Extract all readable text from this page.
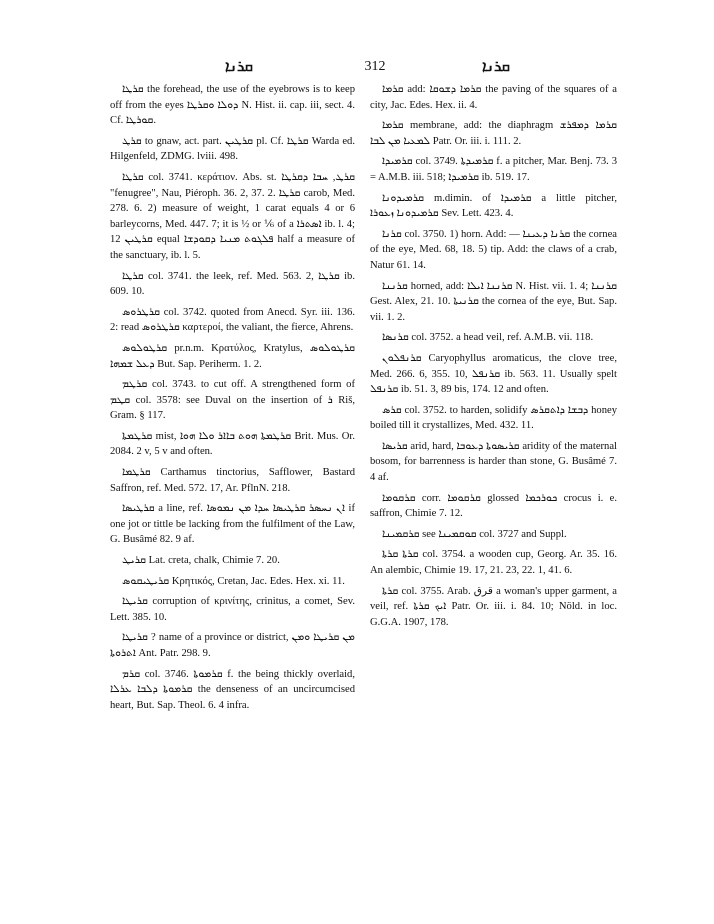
ܩܪܢܐ	312	ܩܪܢܐ

ܩܪܛܐ the forehead, the use of the eyebrows is to keep off from the eyes ܕܘܠܐ ܘܩܪܛܐ N. Hist. ii. cap. iii, sect. 4. Cf. ܩܘܪܛܐ.

ܩܪܛ to gnaw, act. part. ܩܪܛܝܢ pl. Cf. ܩܪܛܐ Warda ed. Hilgenfeld, ZDMG. lviii. 498.

ܩܪܛܐ col. 3741. κεράτιον. Abs. st. ܩܪܛ, ܚܒܐ ܕܩܪܛܐ "fenugree", Nau, Piéroph. 36. 2, 37. 2. ܩܪܛܐ carob, Med. 278. 6. 2) measure of weight, 1 carat equals 4 or 6 barleycorns, Med. 447. 7; it is ½ or ⅙ of a ܐܣܬܪܐ ib. l. 4; 12 ܩܪܛܝܢ equal ܦܠܓܘܬ ܡܢܝܐ ܕܩܘܕܫܐ half a measure of the sanctuary, ib. l. 5.

ܩܪܛܐ col. 3741. the leek, ref. Med. 563. 2, ܩܪܛܐ ib. 609. 10.

ܩܪܛܪܘܣ col. 3742. quoted from Anecd. Syr. iii. 136. 2: read ܩܪܛܪܘܣ καρτεροί, the valiant, the fierce, Ahrens.

ܩܪܛܘܠܘܣ pr.n.m. Κρατύλος, Kratylus, ܩܪܛܘܠܘܣ ܕܥܠ ܫܡܗܐ But. Sap. Periherm. 1. 2.

ܩܪܛܡ col. 3743. to cut off. A strengthened form of ܩܛܡ col. 3578: see Duval on the insertion of ܪ Riš, Gram. § 117.

ܩܪܛܡܬܐ mist, ܩܪܛܡܬܐ ܗܘܬ ܒܐܐܪ ܘܠܐ ܗܘܐ Brit. Mus. Or. 2084. 2 v, 5 v and often.

ܩܪܛܡܐ Carthamus tinctorius, Safflower, Bastard Saffron, ref. Med. 572. 17, Ar. PflnN. 218.

ܩܪܛܝܣܐ a line, ref. ܐܢ ܢܚܣܪ ܩܪܛܝܣܐ ܚܕܐ ܡܢ ܢܡܘܣܐ if one jot or tittle be lacking from the fulfilment of the Law, G. Busâmé 82. 9 af.

ܩܪܝܛ Lat. creta, chalk, Chimie 7. 20.

ܩܪܝܛܝܩܘܣ Κρητικός, Cretan, Jac. Edes. Hex. xi. 11.

ܩܪܝܛܐ corruption of κρινίτης, crinitus, a comet, Sev. Lett. 385. 10.

ܩܪܝܛܐ ? name of a province or district, ܡܢ ܩܪܝܛܐ ܘܡܢ ܐܬܪܘܬܐ Ant. Patr. 298. 9.

ܩܪܡ col. 3746. ܩܪܡܘܬܐ f. the being thickly overlaid, ܩܪܡܘܬܐ ܕܠܒܐ ܥܪܠܐ the denseness of an uncircumcised heart, But. Sap. Theol. 6. 4 infra.

ܩܪܡܐ add: ܩܪܡܐ ܕܫܘܩܐ the paving of the squares of a city, Jac. Edes. Hex. ii. 4.

ܩܪܡܐ membrane, add: the diaphragm ܩܪܡܐ ܕܡܦܪܫ ܠܡܥܝܐ ܡܢ ܠܒܐ Patr. Or. iii. i. 111. 2.

ܩܪܡܝܕܐ col. 3749. ܩܪܡܝܕܬܐ f. a pitcher, Mar. Benj. 73. 3 = A.M.B. iii. 518; ܩܪܡܝܕܐ ib. 519. 17.

ܩܪܡܝܕܘܢܐ m.dimin. of ܩܪܡܝܕܐ a little pitcher, ܩܪܡܝܕܘܢܐ ܙܥܘܪܐ Sev. Lett. 423. 4.

ܩܪܢܐ col. 3750. 1) horn. Add: — ܩܪܢܐ ܕܥܝܢܐ the cornea of the eye, Med. 68, 18. 5) tip. Add: the claws of a crab, Natur 61. 14.

ܩܪܢܢܐ horned, add: ܩܪܢܢܐ ܐܝܠܐ N. Hist. vii. 1. 4; ܩܪܢܢܐ Gest. Alex, 21. 10. ܩܪܢܝܬܐ the cornea of the eye, But. Sap. vii. 1. 2.

ܩܪܢܣܐ col. 3752. a head veil, ref. A.M.B. vii. 118.

ܩܪܢܦܠܘܢ Caryophyllus aromaticus, the clove tree, Med. 266. 6, 355. 10, ܩܪܢܦܠ ib. 563. 11. Usually spelt ܩܪܢܦܠ ib. 51. 3, 89 bis, 174. 12 and often.

ܩܪܣ col. 3752. to harden, solidify ܕܒܫܐ ܕܐܬܩܪܣ honey boiled till it crystallizes, Med. 432. 11.

ܩܪܝܣܐ arid, hard, ܩܪܝܣܘܬܐ ܕܥܘܒܐ aridity of the maternal bosom, for barrenness is harder than stone, G. Busâmé 7. 4 af.

ܩܪܩܘܡܐ corr. ܩܪܩܘܡܐ glossed ܟܘܪܟܡܐ crocus i. e. saffron, Chimie 7. 12.

ܩܪܩܡܝܢܐ see ܩܘܩܡܝܢܐ col. 3727 and Suppl.

ܩܪܬܐ ܩܪܬܐ col. 3754. a wooden cup, Georg. Ar. 35. 16. An alembic, Chimie 19. 17, 21. 23, 22. 1, 41. 6.

ܩܪܬܐ col. 3755. Arab. قرق a woman's upper garment, a veil, ref. ܐܝܟ ܩܪܬܐ Patr. Or. iii. i. 84. 10; Nöld. in loc. G.G.A. 1907, 178.
